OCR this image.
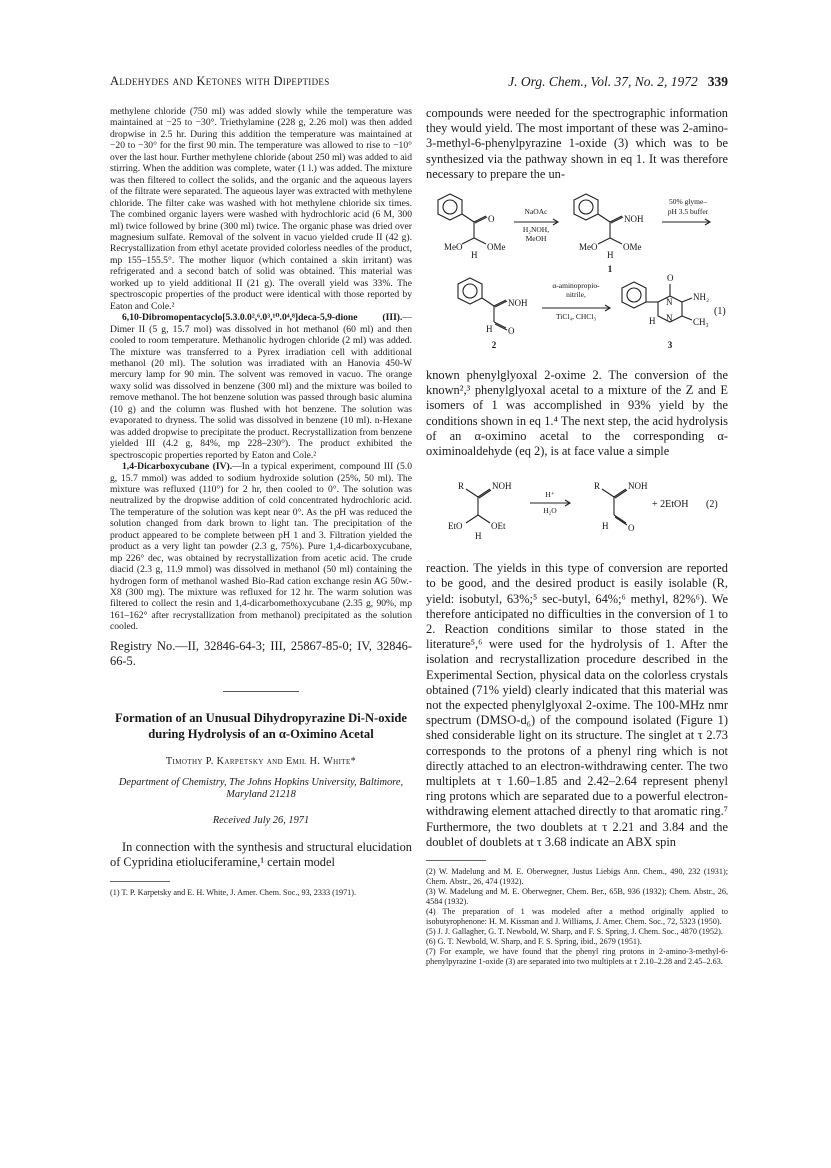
Aldehydes and Ketones with Dipeptides	J. Org. Chem., Vol. 37, No. 2, 1972 339

methylene chloride (750 ml) was added slowly while the temperature was maintained at −25 to −30°. Triethylamine (228 g, 2.26 mol) was then added dropwise in 2.5 hr. During this addition the temperature was maintained at −20 to −30° for the first 90 min. The temperature was allowed to rise to −10° over the last hour. Further methylene chloride (about 250 ml) was added to aid stirring. When the addition was complete, water (1 l.) was added. The mixture was then filtered to collect the solids, and the organic and the aqueous layers of the filtrate were separated. The aqueous layer was extracted with methylene chloride. The filter cake was washed with hot methylene chloride six times. The combined organic layers were washed with hydrochloric acid (6 M, 300 ml) twice followed by brine (300 ml) twice. The organic phase was dried over magnesium sulfate. Removal of the solvent in vacuo yielded crude II (42 g). Recrystallization from ethyl acetate provided colorless needles of the product, mp 155–155.5°. The mother liquor (which contained a skin irritant) was refrigerated and a second batch of solid was obtained. This material was worked up to yield additional II (21 g). The overall yield was 33%. The spectroscopic properties of the product were identical with those reported by Eaton and Cole.²

6,10-Dibromopentacyclo[5.3.0.0²,⁶.0³,¹⁰.0⁴,⁸]deca-5,9-dione (III).—Dimer II (5 g, 15.7 mol) was dissolved in hot methanol (60 ml) and then cooled to room temperature. Methanolic hydrogen chloride (2 ml) was added. The mixture was transferred to a Pyrex irradiation cell with additional methanol (20 ml). The solution was irradiated with an Hanovia 450-W mercury lamp for 90 min. The solvent was removed in vacuo. The orange waxy solid was dissolved in benzene (300 ml) and the mixture was boiled to remove methanol. The hot benzene solution was passed through basic alumina (10 g) and the column was flushed with hot benzene. The solution was evaporated to dryness. The solid was dissolved in benzene (10 ml). n-Hexane was added dropwise to precipitate the product. Recrystallization from benzene yielded III (4.2 g, 84%, mp 228–230°). The product exhibited the spectroscopic properties reported by Eaton and Cole.²

1,4-Dicarboxycubane (IV).—In a typical experiment, compound III (5.0 g, 15.7 mmol) was added to sodium hydroxide solution (25%, 50 ml). The mixture was refluxed (110°) for 2 hr, then cooled to 0°. The solution was neutralized by the dropwise addition of cold concentrated hydrochloric acid. The temperature of the solution was kept near 0°. As the pH was reduced the solution changed from dark brown to light tan. The precipitation of the product appeared to be complete between pH 1 and 3. Filtration yielded the product as a very light tan powder (2.3 g, 75%). Pure 1,4-dicarboxycubane, mp 226° dec, was obtained by recrystallization from acetic acid. The crude diacid (2.3 g, 11.9 mmol) was dissolved in methanol (50 ml) containing the hydrogen form of methanol washed Bio-Rad cation exchange resin AG 50w.-X8 (300 mg). The mixture was refluxed for 12 hr. The warm solution was filtered to collect the resin and 1,4-dicarbomethoxycubane (2.35 g, 90%, mp 161–162° after recrystallization from methanol) precipitated as the solution cooled.

Registry No.—II, 32846-64-3; III, 25867-85-0; IV, 32846-66-5.

Formation of an Unusual Dihydropyrazine Di-N-oxide during Hydrolysis of an α-Oximino Acetal
Timothy P. Karpetsky and Emil H. White*
Department of Chemistry, The Johns Hopkins University, Baltimore, Maryland 21218
Received July 26, 1971

In connection with the synthesis and structural elucidation of Cypridina etioluciferamine,¹ certain model

(1) T. P. Karpetsky and E. H. White, J. Amer. Chem. Soc., 93, 2333 (1971).

compounds were needed for the spectrographic information they would yield. The most important of these was 2-amino-3-methyl-6-phenylpyrazine 1-oxide (3) which was to be synthesized via the pathway shown in eq 1. It was therefore necessary to prepare the un-

O
MeO	OMe
H
NOH
MeO	OMe
H
NOH
H O
O
N
N
NH₂
H	CH₃
NaOAc
H₂NOH,
MeOH
50% glyme–
pH 3.5 buffer
α-aminopropio-
nitrile,
TiCl₄, CHCl₃
1
2	3
(1)

known phenylglyoxal 2-oxime 2. The conversion of the known²,³ phenylglyoxal acetal to a mixture of the Z and E isomers of 1 was accomplished in 93% yield by the conditions shown in eq 1.⁴ The next step, the acid hydrolysis of an α-oximino acetal to the corresponding α-oximinoaldehyde (eq 2), is at face value a simple

R	NOH
EtO	OEt
H
R	NOH
H O
H⁺
H₂O
+ 2EtOH (2)

reaction. The yields in this type of conversion are reported to be good, and the desired product is easily isolable (R, yield: isobutyl, 63%;⁵ sec-butyl, 64%;⁶ methyl, 82%⁶). We therefore anticipated no difficulties in the conversion of 1 to 2. Reaction conditions similar to those stated in the literature⁵,⁶ were used for the hydrolysis of 1. After the isolation and recrystallization procedure described in the Experimental Section, physical data on the colorless crystals obtained (71% yield) clearly indicated that this material was not the expected phenylglyoxal 2-oxime. The 100-MHz nmr spectrum (DMSO-d₆) of the compound isolated (Figure 1) shed considerable light on its structure. The singlet at τ 2.73 corresponds to the protons of a phenyl ring which is not directly attached to an electron-withdrawing center. The two multiplets at τ 1.60–1.85 and 2.42–2.64 represent phenyl ring protons which are separated due to a powerful electron-withdrawing element attached directly to that aromatic ring.⁷ Furthermore, the two doublets at τ 2.21 and 3.84 and the doublet of doublets at τ 3.68 indicate an ABX spin

(2) W. Madelung and M. E. Oberwegner, Justus Liebigs Ann. Chem., 490, 232 (1931); Chem. Abstr., 26, 474 (1932).

(3) W. Madelung and M. E. Oberwegner, Chem. Ber., 65B, 936 (1932); Chem. Abstr., 26, 4584 (1932).

(4) The preparation of 1 was modeled after a method originally applied to isobutyrophenone: H. M. Kissman and J. Williams, J. Amer. Chem. Soc., 72, 5323 (1950).

(5) J. J. Gallagher, G. T. Newbold, W. Sharp, and F. S. Spring, J. Chem. Soc., 4870 (1952).

(6) G. T. Newbold, W. Sharp, and F. S. Spring, ibid., 2679 (1951).

(7) For example, we have found that the phenyl ring protons in 2-amino-3-methyl-6-phenylpyrazine 1-oxide (3) are separated into two multiplets at τ 2.10–2.28 and 2.45–2.63.
